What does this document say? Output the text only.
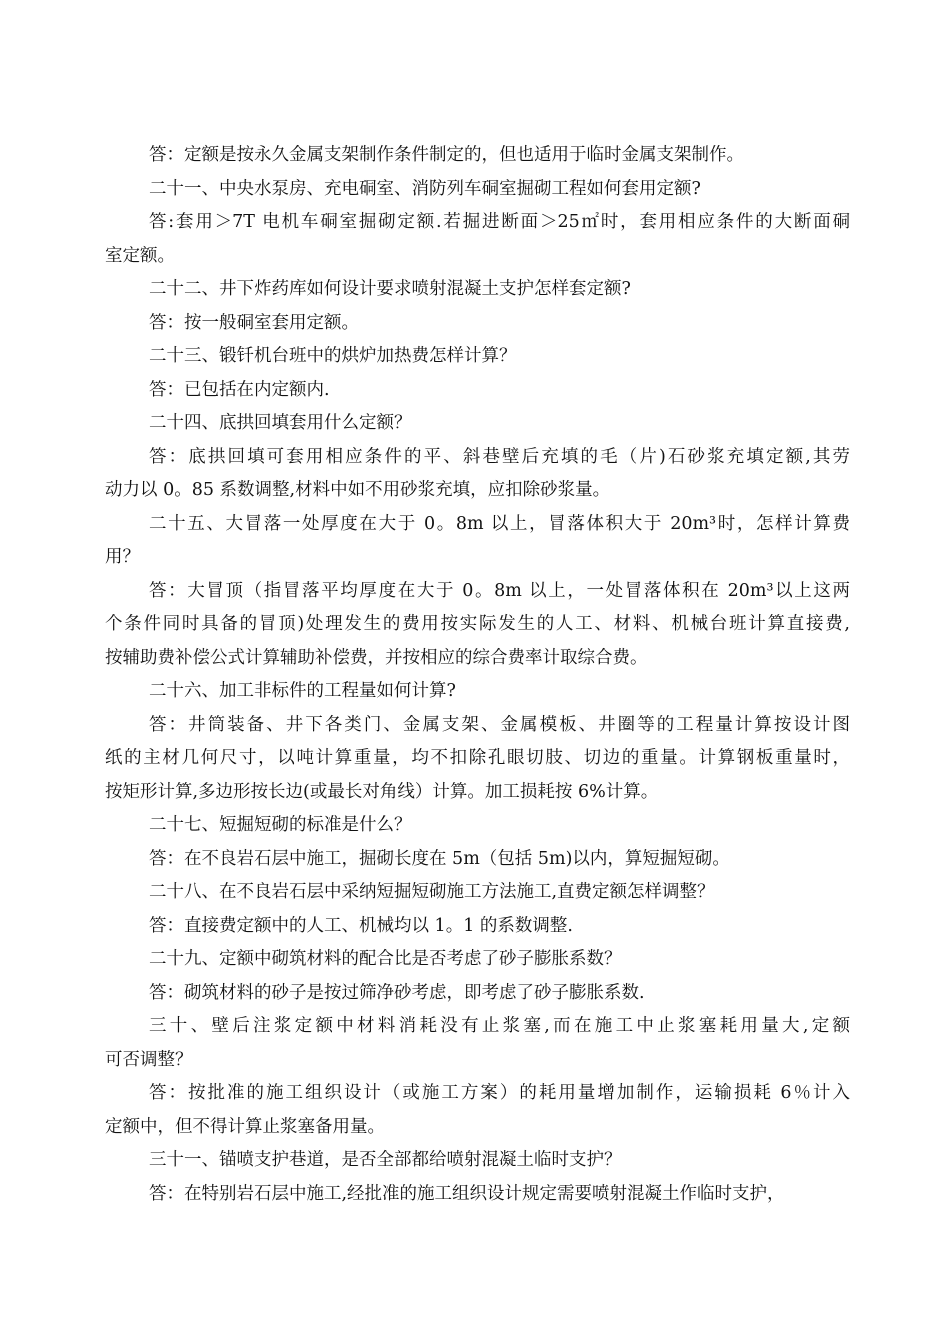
答：定额是按永久金属支架制作条件制定的，但也适用于临时金属支架制作。
二十一、中央水泵房、充电硐室、消防列车硐室掘砌工程如何套用定额?
答:套用＞7T 电机车硐室掘砌定额.若掘进断面＞25㎡时，套用相应条件的大断面硐
室定额。
二十二、井下炸药库如何设计要求喷射混凝土支护怎样套定额?
答：按一般硐室套用定额。
二十三、锻钎机台班中的烘炉加热费怎样计算？
答：已包括在内定额内.
二十四、底拱回填套用什么定额？
答：底拱回填可套用相应条件的平、斜巷壁后充填的毛（片)石砂浆充填定额,其劳
动力以 0。85 系数调整,材料中如不用砂浆充填，应扣除砂浆量。
二十五、大冒落一处厚度在大于 0。8m 以上，冒落体积大于 20m³时，怎样计算费
用？
答：大冒顶（指冒落平均厚度在大于 0。8m 以上，一处冒落体积在 20m³以上这两
个条件同时具备的冒顶)处理发生的费用按实际发生的人工、材料、机械台班计算直接费,
按辅助费补偿公式计算辅助补偿费，并按相应的综合费率计取综合费。
二十六、加工非标件的工程量如何计算?
答：井筒装备、井下各类门、金属支架、金属模板、井圈等的工程量计算按设计图
纸的主材几何尺寸，以吨计算重量，均不扣除孔眼切肢、切边的重量。计算钢板重量时，
按矩形计算,多边形按长边(或最长对角线）计算。加工损耗按 6%计算。
二十七、短掘短砌的标准是什么？
答：在不良岩石层中施工，掘砌长度在 5m（包括 5m)以内，算短掘短砌。
二十八、在不良岩石层中采纳短掘短砌施工方法施工,直费定额怎样调整？
答：直接费定额中的人工、机械均以 1。1 的系数调整.
二十九、定额中砌筑材料的配合比是否考虑了砂子膨胀系数？
答：砌筑材料的砂子是按过筛净砂考虑，即考虑了砂子膨胀系数.
三十、壁后注浆定额中材料消耗没有止浆塞,而在施工中止浆塞耗用量大,定额
可否调整？
答：按批准的施工组织设计（或施工方案）的耗用量增加制作，运输损耗 6％计入
定额中，但不得计算止浆塞备用量。
三十一、锚喷支护巷道，是否全部都给喷射混凝土临时支护？
答：在特别岩石层中施工,经批准的施工组织设计规定需要喷射混凝土作临时支护，
